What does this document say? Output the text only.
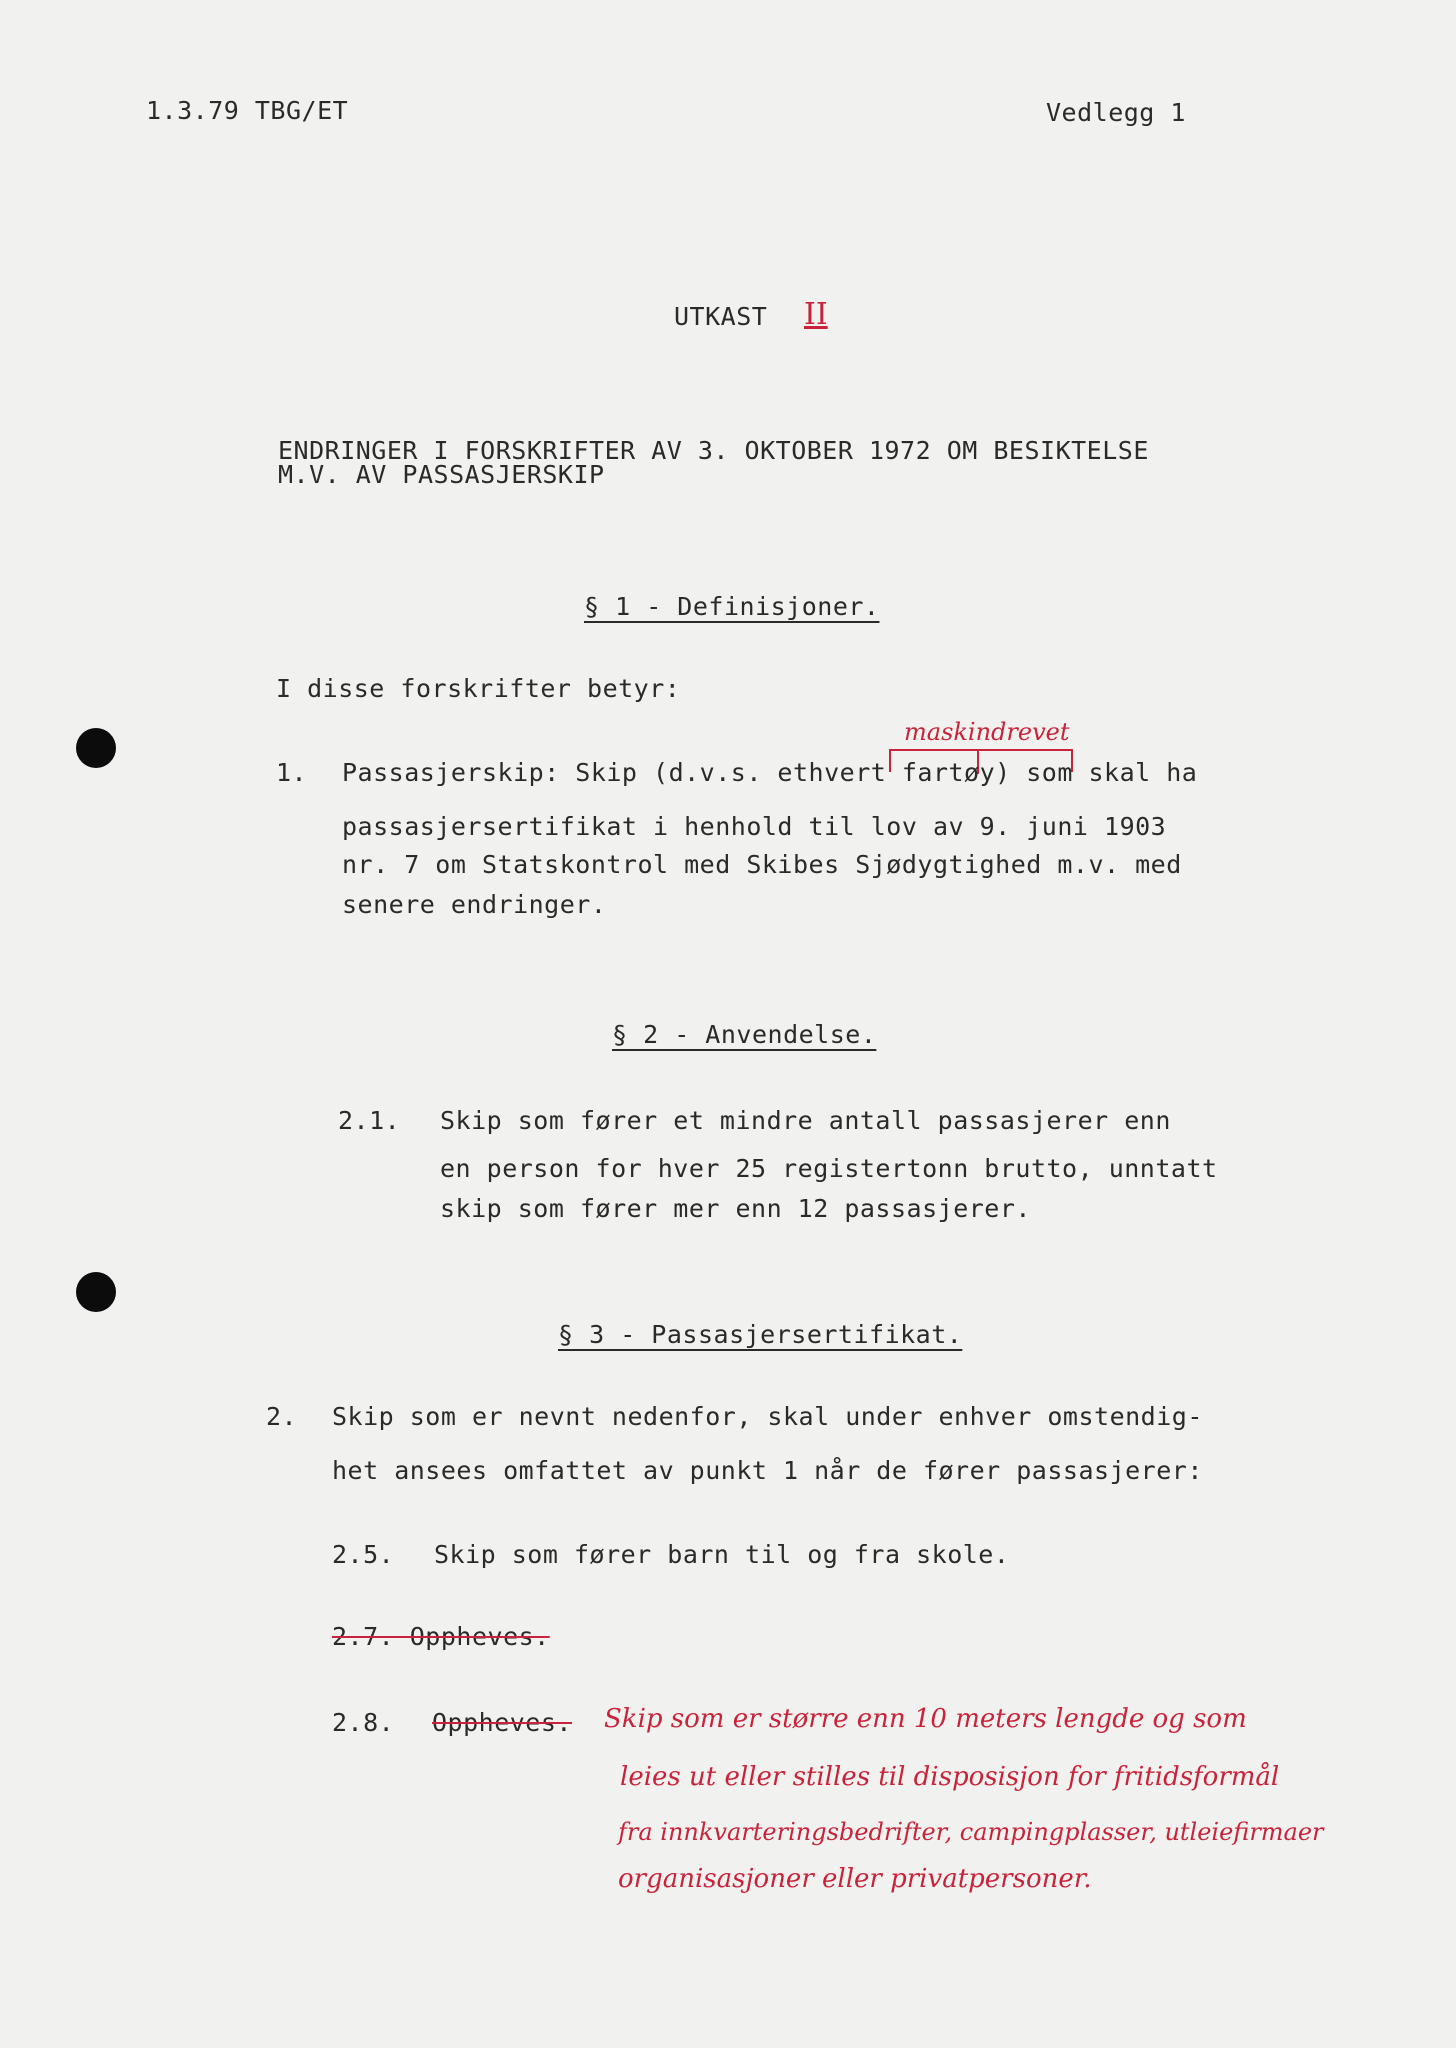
1.3.79 TBG/ET	Vedlegg 1
UTKAST II
ENDRINGER I FORSKRIFTER AV 3. OKTOBER 1972 OM BESIKTELSE
M.V. AV PASSASJERSKIP
§ 1 - Definisjoner.
I disse forskrifter betyr:
maskindrevet
1. Passasjerskip: Skip (d.v.s. ethvert fartøy) som skal ha
passasjersertifikat i henhold til lov av 9. juni 1903
nr. 7 om Statskontrol med Skibes Sjødygtighed m.v. med
senere endringer.
§ 2 - Anvendelse.
2.1. Skip som fører et mindre antall passasjerer enn
en person for hver 25 registertonn brutto, unntatt
skip som fører mer enn 12 passasjerer.
§ 3 - Passasjersertifikat.
2. Skip som er nevnt nedenfor, skal under enhver omstendig-
het ansees omfattet av punkt 1 når de fører passasjerer:
2.5. Skip som fører barn til og fra skole.
2.7. Oppheves.
2.8. Oppheves. Skip som er større enn 10 meters lengde og som
leies ut eller stilles til disposisjon for fritidsformål
fra innkvarteringsbedrifter, campingplasser, utleiefirmaer
organisasjoner eller privatpersoner.
